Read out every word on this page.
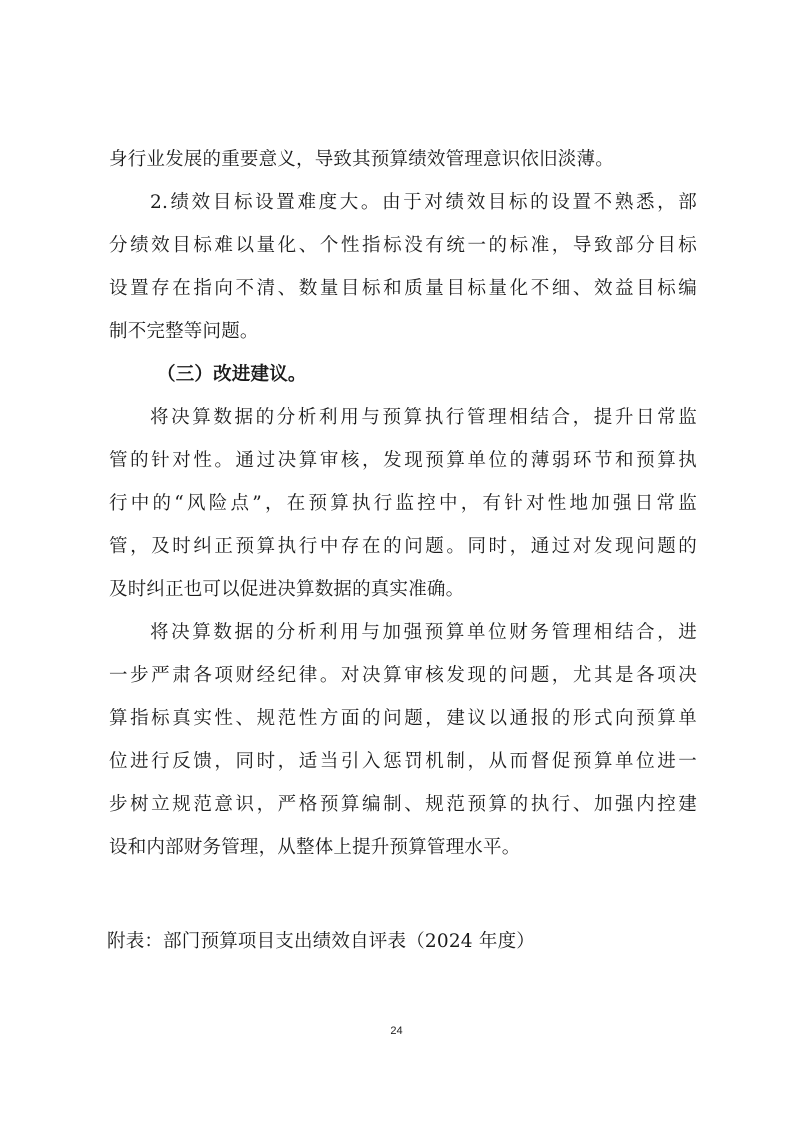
身行业发展的重要意义，导致其预算绩效管理意识依旧淡薄。
2.绩效目标设置难度大。由于对绩效目标的设置不熟悉，部
分绩效目标难以量化、个性指标没有统一的标准，导致部分目标
设置存在指向不清、数量目标和质量目标量化不细、效益目标编
制不完整等问题。
（三）改进建议。
将决算数据的分析利用与预算执行管理相结合，提升日常监
管的针对性。通过决算审核，发现预算单位的薄弱环节和预算执
行中的“风险点”，在预算执行监控中，有针对性地加强日常监
管，及时纠正预算执行中存在的问题。同时，通过对发现问题的
及时纠正也可以促进决算数据的真实准确。
将决算数据的分析利用与加强预算单位财务管理相结合，进
一步严肃各项财经纪律。对决算审核发现的问题，尤其是各项决
算指标真实性、规范性方面的问题，建议以通报的形式向预算单
位进行反馈，同时，适当引入惩罚机制，从而督促预算单位进一
步树立规范意识，严格预算编制、规范预算的执行、加强内控建
设和内部财务管理，从整体上提升预算管理水平。
附表：部门预算项目支出绩效自评表（2024 年度）
24
